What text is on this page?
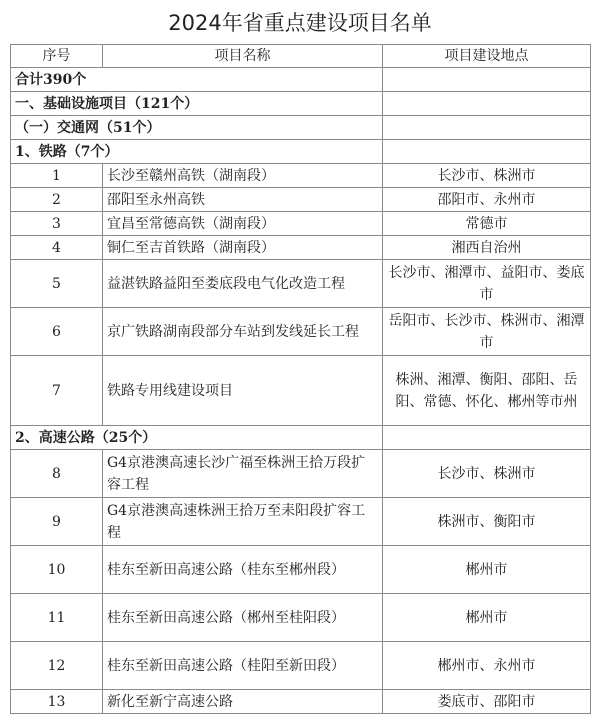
2024年省重点建设项目名单
序号	项目名称	项目建设地点
合计390个		
一、基础设施项目（121个）		
（一）交通网（51个）		
1、铁路（7个）		
1	长沙至赣州高铁（湖南段）	长沙市、株洲市
2	邵阳至永州高铁	邵阳市、永州市
3	宜昌至常德高铁（湖南段）	常德市
4	铜仁至吉首铁路（湖南段）	湘西自治州
5	益湛铁路益阳至娄底段电气化改造工程	长沙市、湘潭市、益阳市、娄底市
6	京广铁路湖南段部分车站到发线延长工程	岳阳市、长沙市、株洲市、湘潭市
7	铁路专用线建设项目	株洲、湘潭、衡阳、邵阳、岳阳、常德、怀化、郴州等市州
2、高速公路（25个）		
8	G4京港澳高速长沙广福至株洲王拾万段扩容工程	长沙市、株洲市
9	G4京港澳高速株洲王拾万至耒阳段扩容工程	株洲市、衡阳市
10	桂东至新田高速公路（桂东至郴州段）	郴州市
11	桂东至新田高速公路（郴州至桂阳段）	郴州市
12	桂东至新田高速公路（桂阳至新田段）	郴州市、永州市
13	新化至新宁高速公路	娄底市、邵阳市
